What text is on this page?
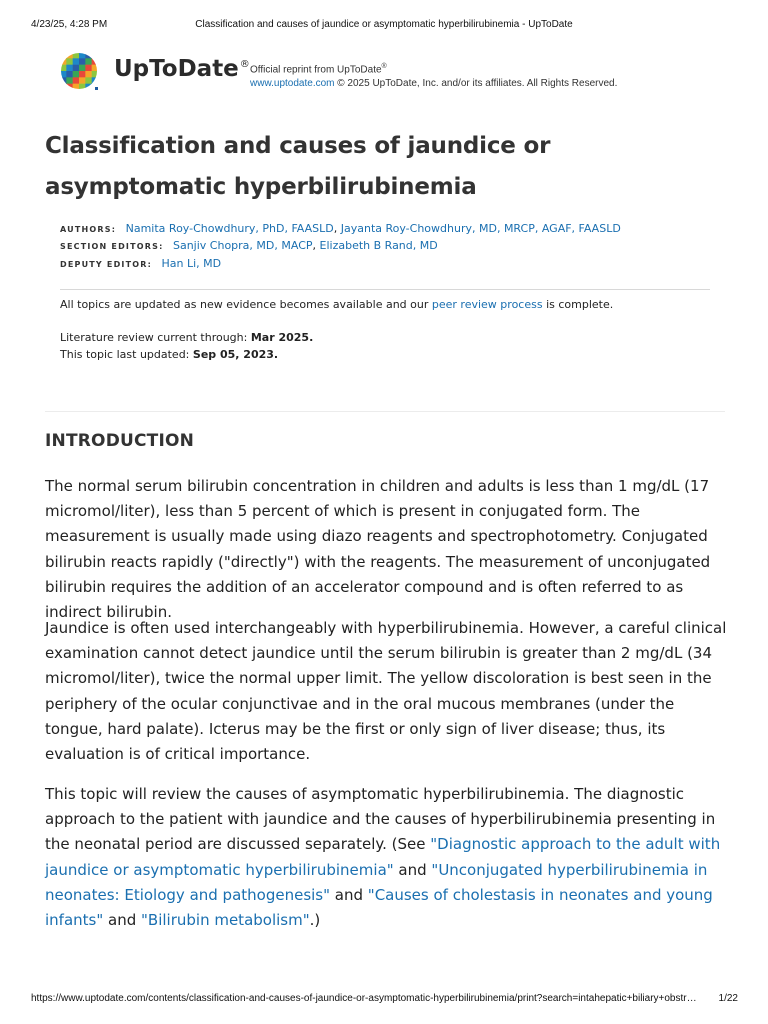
4/23/25, 4:28 PM	Classification and causes of jaundice or asymptomatic hyperbilirubinemia - UpToDate
UpToDate® Official reprint from UpToDate®
www.uptodate.com © 2025 UpToDate, Inc. and/or its affiliates. All Rights Reserved.
Classification and causes of jaundice or asymptomatic hyperbilirubinemia
AUTHORS: Namita Roy-Chowdhury, PhD, FAASLD, Jayanta Roy-Chowdhury, MD, MRCP, AGAF, FAASLD
SECTION EDITORS: Sanjiv Chopra, MD, MACP, Elizabeth B Rand, MD
DEPUTY EDITOR: Han Li, MD
All topics are updated as new evidence becomes available and our peer review process is complete.
Literature review current through: Mar 2025.
This topic last updated: Sep 05, 2023.
INTRODUCTION

The normal serum bilirubin concentration in children and adults is less than 1 mg/dL (17 micromol/liter), less than 5 percent of which is present in conjugated form. The measurement is usually made using diazo reagents and spectrophotometry. Conjugated bilirubin reacts rapidly ("directly") with the reagents. The measurement of unconjugated bilirubin requires the addition of an accelerator compound and is often referred to as indirect bilirubin.

Jaundice is often used interchangeably with hyperbilirubinemia. However, a careful clinical examination cannot detect jaundice until the serum bilirubin is greater than 2 mg/dL (34 micromol/liter), twice the normal upper limit. The yellow discoloration is best seen in the periphery of the ocular conjunctivae and in the oral mucous membranes (under the tongue, hard palate). Icterus may be the first or only sign of liver disease; thus, its evaluation is of critical importance.

This topic will review the causes of asymptomatic hyperbilirubinemia. The diagnostic approach to the patient with jaundice and the causes of hyperbilirubinemia presenting in the neonatal period are discussed separately. (See "Diagnostic approach to the adult with jaundice or asymptomatic hyperbilirubinemia" and "Unconjugated hyperbilirubinemia in neonates: Etiology and pathogenesis" and "Causes of cholestasis in neonates and young infants" and "Bilirubin metabolism".)

https://www.uptodate.com/contents/classification-and-causes-of-jaundice-or-asymptomatic-hyperbilirubinemia/print?search=intahepatic+biliary+obstr… 1/22
